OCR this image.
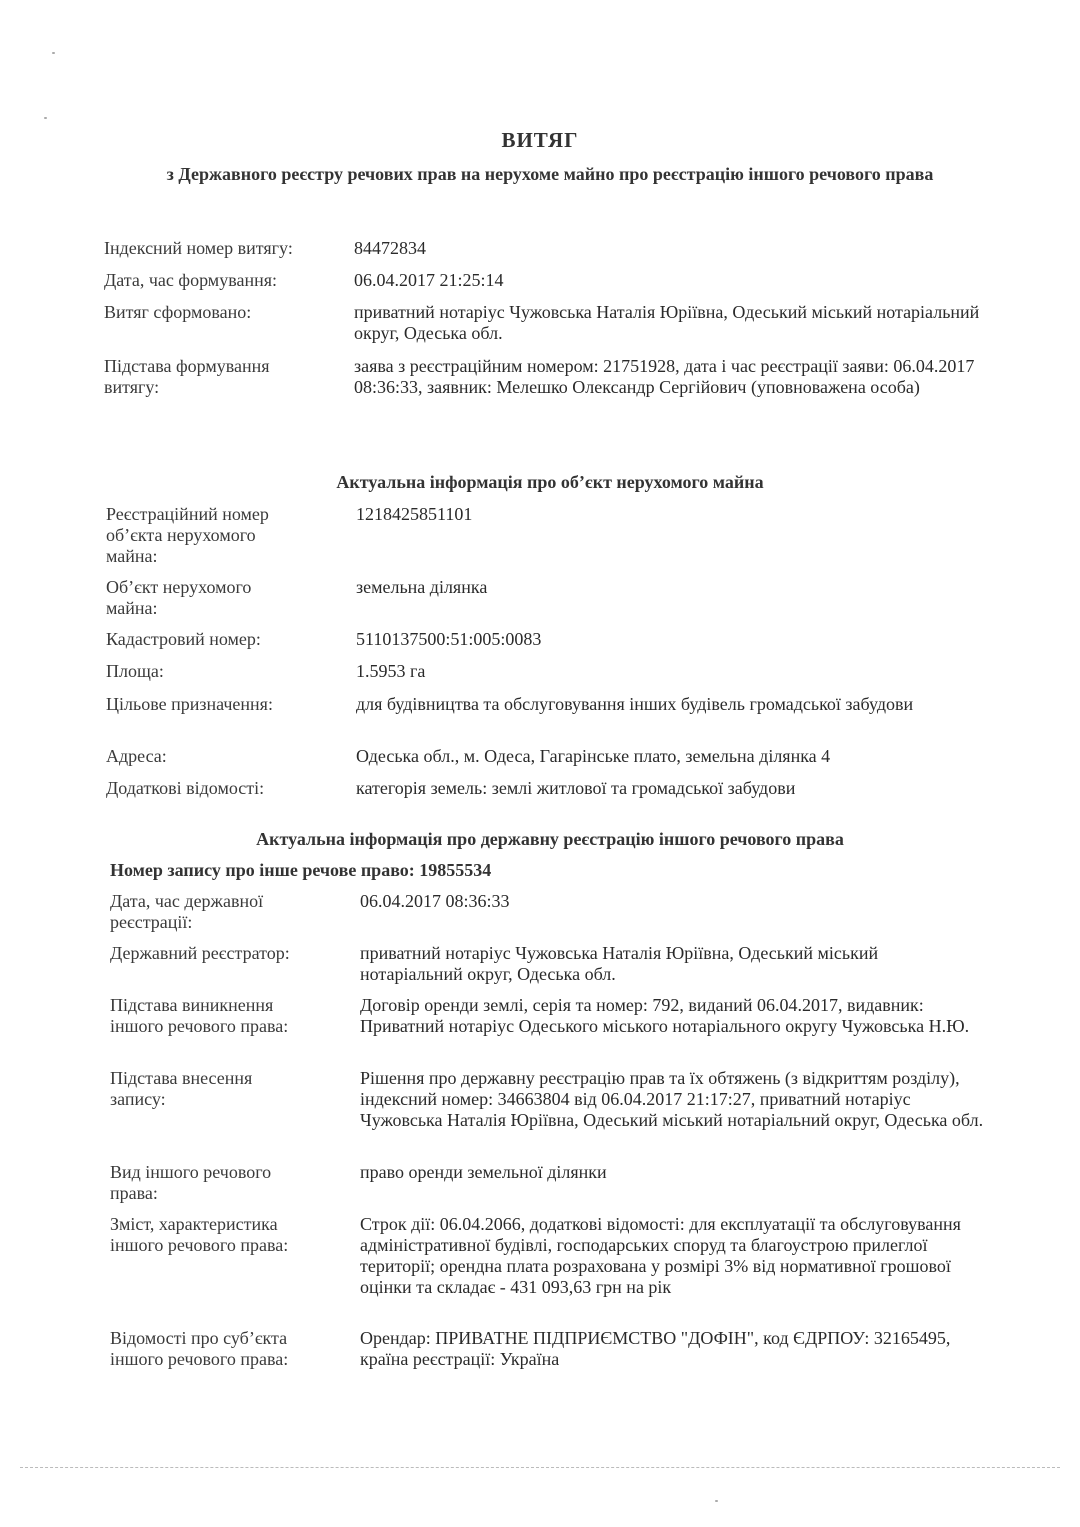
ВИТЯГ
з Державного реєстру речових прав на нерухоме майно про реєстрацію іншого речового права
Індексний номер витягу:	84472834
Дата, час формування:	06.04.2017 21:25:14
Витяг сформовано:	приватний нотаріус Чужовська Наталія Юріївна, Одеський міський нотаріальний округ, Одеська обл.
Підстава формування витягу:
заява з реєстраційним номером: 21751928, дата і час реєстрації заяви: 06.04.2017 08:36:33, заявник: Мелешко Олександр Сергійович (уповноважена особа)
Актуальна інформація про об’єкт нерухомого майна
Реєстраційний номер об’єкта нерухомого майна:
1218425851101
Об’єкт нерухомого майна:
земельна ділянка
Кадастровий номер:	5110137500:51:005:0083
Площа:	1.5953 га
Цільове призначення:	для будівництва та обслуговування інших будівель громадської забудови
Адреса:	Одеська обл., м. Одеса, Гагарінське плато, земельна ділянка 4
Додаткові відомості:	категорія земель: землі житлової та громадської забудови
Актуальна інформація про державну реєстрацію іншого речового права
Номер запису про інше речове право: 19855534
Дата, час державної реєстрації:
06.04.2017 08:36:33
Державний реєстратор:	приватний нотаріус Чужовська Наталія Юріївна, Одеський міський нотаріальний округ, Одеська обл.
Підстава виникнення іншого речового права:
Договір оренди землі, серія та номер: 792, виданий 06.04.2017, видавник: Приватний нотаріус Одеського міського нотаріального округу Чужовська Н.Ю.
Підстава внесення запису:
Рішення про державну реєстрацію прав та їх обтяжень (з відкриттям розділу), індексний номер: 34663804 від 06.04.2017 21:17:27, приватний нотаріус Чужовська Наталія Юріївна, Одеський міський нотаріальний округ, Одеська обл.
Вид іншого речового права:
право оренди земельної ділянки
Зміст, характеристика іншого речового права:
Строк дії: 06.04.2066, додаткові відомості: для експлуатації та обслуговування адміністративної будівлі, господарських споруд та благоустрою прилеглої території; орендна плата розрахована у розмірі 3% від нормативної грошової оцінки та складає - 431 093,63 грн на рік
Відомості про суб’єкта іншого речового права:
Орендар: ПРИВАТНЕ ПІДПРИЄМСТВО "ДОФІН", код ЄДРПОУ: 32165495, країна реєстрації: Україна
